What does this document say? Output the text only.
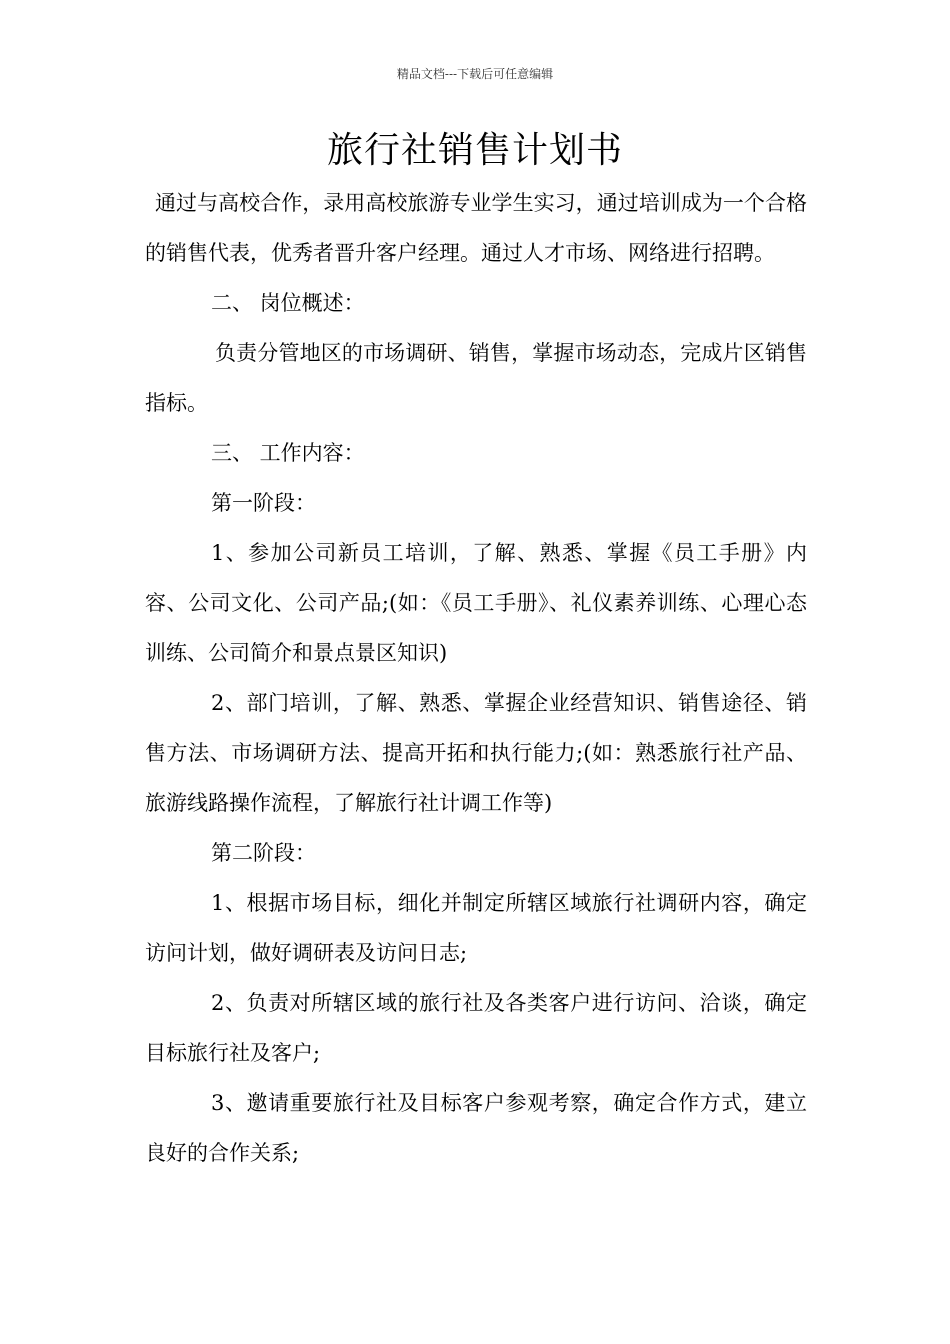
精品文档---下载后可任意编辑
旅行社销售计划书

通过与高校合作，录用高校旅游专业学生实习，通过培训成为一个合格的销售代表，优秀者晋升客户经理。通过人才市场、网络进行招聘。

二、 岗位概述：

负责分管地区的市场调研、销售，掌握市场动态，完成片区销售指标。

三、 工作内容：

第一阶段：

1、参加公司新员工培训，了解、熟悉、掌握《员工手册》内容、公司文化、公司产品;(如：《员工手册》、礼仪素养训练、心理心态训练、公司简介和景点景区知识)

2、部门培训，了解、熟悉、掌握企业经营知识、销售途径、销售方法、市场调研方法、提高开拓和执行能力;(如：熟悉旅行社产品、旅游线路操作流程，了解旅行社计调工作等)

第二阶段：

1、根据市场目标，细化并制定所辖区域旅行社调研内容，确定访问计划，做好调研表及访问日志;

2、负责对所辖区域的旅行社及各类客户进行访问、洽谈，确定目标旅行社及客户;

3、邀请重要旅行社及目标客户参观考察，确定合作方式，建立良好的合作关系;
